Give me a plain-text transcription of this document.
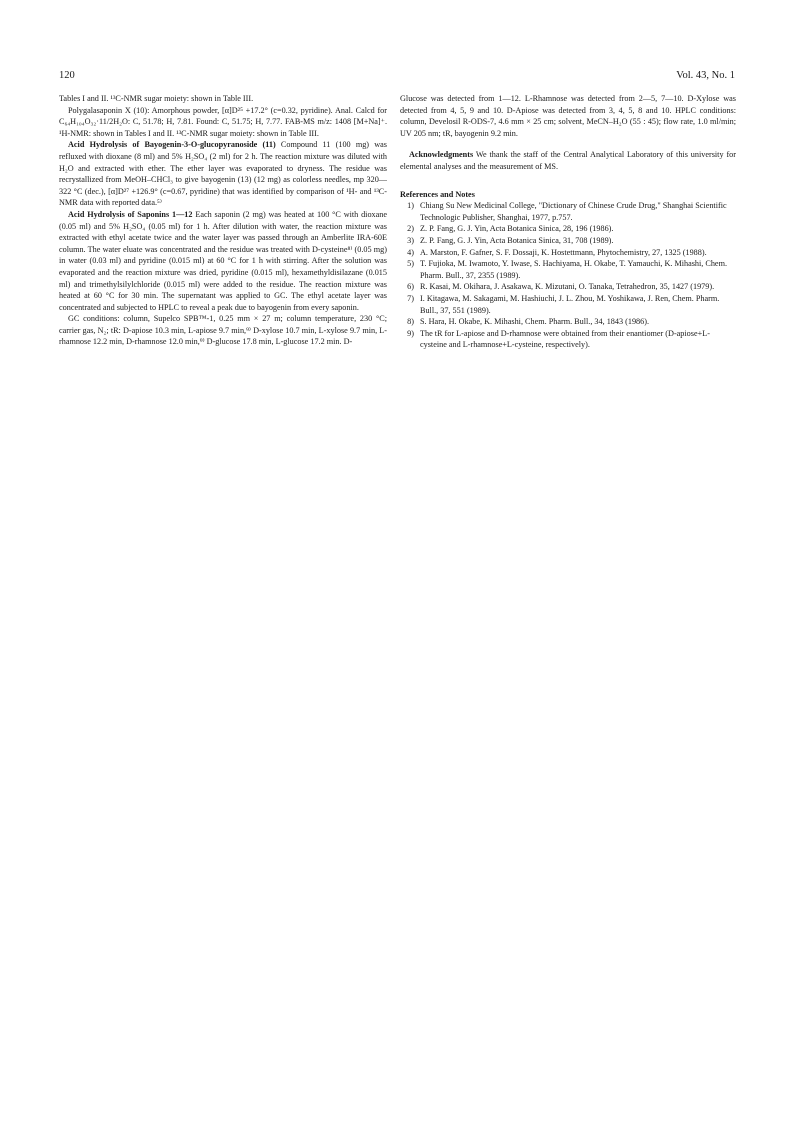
120	Vol. 43, No. 1

Tables I and II. ¹³C-NMR sugar moiety: shown in Table III.

Polygalasaponin X (10): Amorphous powder, [α]D²⁵ +17.2° (c=0.32, pyridine). Anal. Calcd for C₆₄H₁₀₄O₃₂·11/2H₂O: C, 51.78; H, 7.81. Found: C, 51.75; H, 7.77. FAB-MS m/z: 1408 [M+Na]⁺. ¹H-NMR: shown in Tables I and II. ¹³C-NMR sugar moiety: shown in Table III.

Acid Hydrolysis of Bayogenin-3-O-glucopyranoside (11) Compound 11 (100 mg) was refluxed with dioxane (8 ml) and 5% H₂SO₄ (2 ml) for 2 h. The reaction mixture was diluted with H₂O and extracted with ether. The ether layer was evaporated to dryness. The residue was recrystallized from MeOH–CHCl₃ to give bayogenin (13) (12 mg) as colorless needles, mp 320—322 °C (dec.), [α]D²⁷ +126.9° (c=0.67, pyridine) that was identified by comparison of ¹H- and ¹³C-NMR data with reported data.⁵⁾

Acid Hydrolysis of Saponins 1—12 Each saponin (2 mg) was heated at 100 °C with dioxane (0.05 ml) and 5% H₂SO₄ (0.05 ml) for 1 h. After dilution with water, the reaction mixture was extracted with ethyl acetate twice and the water layer was passed through an Amberlite IRA-60E column. The water eluate was concentrated and the residue was treated with D-cysteine⁸⁾ (0.05 mg) in water (0.03 ml) and pyridine (0.015 ml) at 60 °C for 1 h with stirring. After the solution was evaporated and the reaction mixture was dried, pyridine (0.015 ml), hexamethyldisilazane (0.015 ml) and trimethylsilylchloride (0.015 ml) were added to the residue. The reaction mixture was heated at 60 °C for 30 min. The supernatant was applied to GC. The ethyl acetate layer was concentrated and subjected to HPLC to reveal a peak due to bayogenin from every saponin.

GC conditions: column, Supelco SPB™-1, 0.25 mm × 27 m; column temperature, 230 °C; carrier gas, N₂; tR: D-apiose 10.3 min, L-apiose 9.7 min,⁹⁾ D-xylose 10.7 min, L-xylose 9.7 min, L-rhamnose 12.2 min, D-rhamnose 12.0 min,⁹⁾ D-glucose 17.8 min, L-glucose 17.2 min. D-

Glucose was detected from 1—12. L-Rhamnose was detected from 2—5, 7—10. D-Xylose was detected from 4, 5, 9 and 10. D-Apiose was detected from 3, 4, 5, 8 and 10. HPLC conditions: column, Develosil R-ODS-7, 4.6 mm × 25 cm; solvent, MeCN–H₂O (55 : 45); flow rate, 1.0 ml/min; UV 205 nm; tR, bayogenin 9.2 min.

Acknowledgments We thank the staff of the Central Analytical Laboratory of this university for elemental analyses and the measurement of MS.

References and Notes

1) Chiang Su New Medicinal College, "Dictionary of Chinese Crude Drug," Shanghai Scientific Technologic Publisher, Shanghai, 1977, p.757.
2) Z. P. Fang, G. J. Yin, Acta Botanica Sinica, 28, 196 (1986).
3) Z. P. Fang, G. J. Yin, Acta Botanica Sinica, 31, 708 (1989).
4) A. Marston, F. Gafner, S. F. Dossaji, K. Hostettmann, Phytochemistry, 27, 1325 (1988).
5) T. Fujioka, M. Iwamoto, Y. Iwase, S. Hachiyama, H. Okabe, T. Yamauchi, K. Mihashi, Chem. Pharm. Bull., 37, 2355 (1989).
6) R. Kasai, M. Okihara, J. Asakawa, K. Mizutani, O. Tanaka, Tetrahedron, 35, 1427 (1979).
7) I. Kitagawa, M. Sakagami, M. Hashiuchi, J. L. Zhou, M. Yoshikawa, J. Ren, Chem. Pharm. Bull., 37, 551 (1989).
8) S. Hara, H. Okabe, K. Mihashi, Chem. Pharm. Bull., 34, 1843 (1986).
9) The tR for L-apiose and D-rhamnose were obtained from their enantiomer (D-apiose+L-cysteine and L-rhamnose+L-cysteine, respectively).
